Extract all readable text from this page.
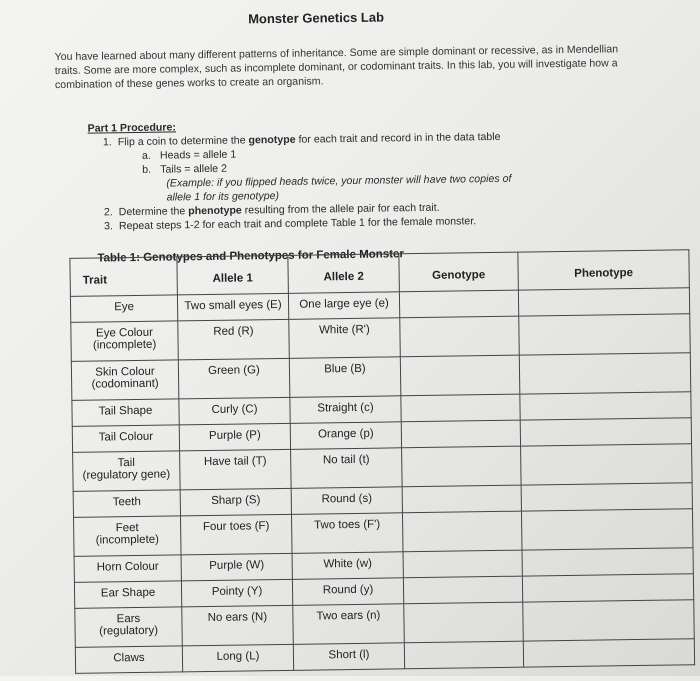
Monster Genetics Lab
You have learned about many different patterns of inheritance. Some are simple dominant or recessive, as in Mendellian traits. Some are more complex, such as incomplete dominant, or codominant traits. In this lab, you will investigate how a combination of these genes works to create an organism.
Part 1 Procedure:
1. Flip a coin to determine the genotype for each trait and record in in the data table
a. Heads = allele 1
b. Tails = allele 2
(Example: if you flipped heads twice, your monster will have two copies of allele 1 for its genotype)
2. Determine the phenotype resulting from the allele pair for each trait.
3. Repeat steps 1-2 for each trait and complete Table 1 for the female monster.
Table 1: Genotypes and Phenotypes for Female Monster
Trait	Allele 1	Allele 2	Genotype	Phenotype

Eye	Two small eyes (E)	One large eye (e)		

Eye Colour
(incomplete)	Red (R)	White (R')		

Skin Colour
(codominant)	Green (G)	Blue (B)		

Tail Shape	Curly (C)	Straight (c)		

Tail Colour	Purple (P)	Orange (p)		

Tail
(regulatory gene)	Have tail (T)	No tail (t)		

Teeth	Sharp (S)	Round (s)		

Feet
(incomplete)	Four toes (F)	Two toes (F')		

Horn Colour	Purple (W)	White (w)		

Ear Shape	Pointy (Y)	Round (y)		

Ears
(regulatory)	No ears (N)	Two ears (n)		

Claws	Long (L)	Short (l)		
